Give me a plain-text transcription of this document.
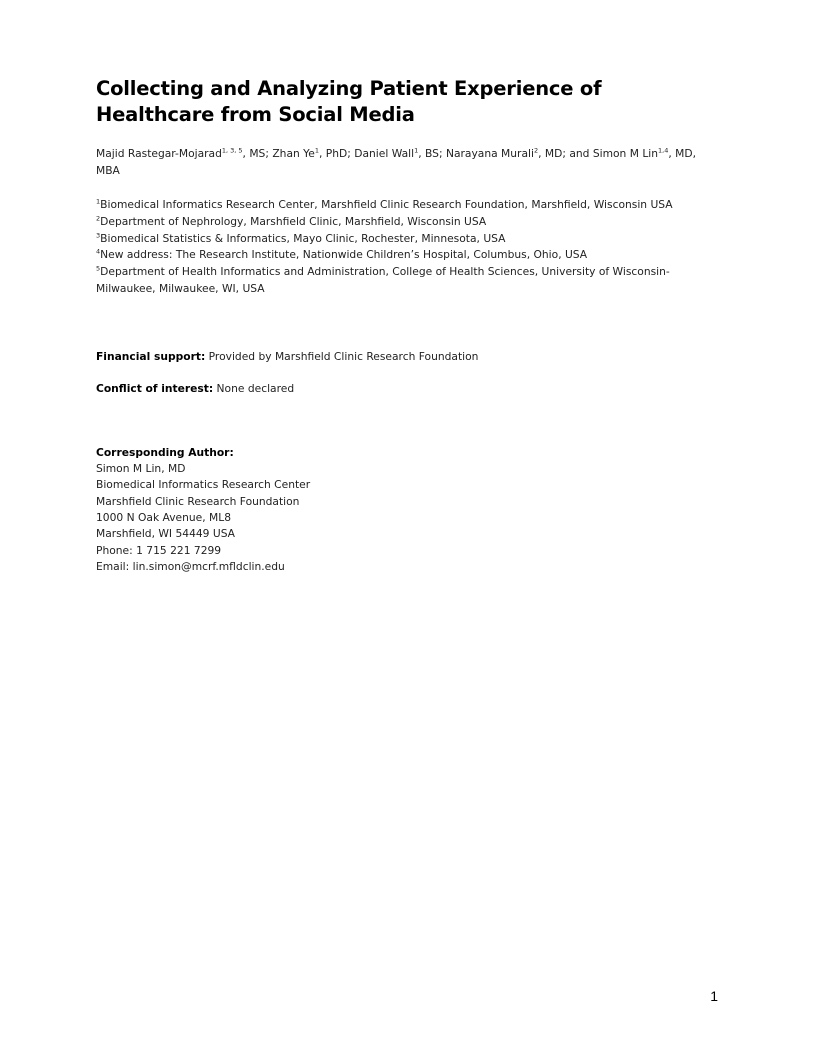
Collecting and Analyzing Patient Experience of Healthcare from Social Media

Majid Rastegar-Mojarad$^{1, 3, 5}$, MS; Zhan Ye$^1$, PhD; Daniel Wall$^1$, BS; Narayana Murali$^2$, MD; and Simon M Lin$^{1,4}$, MD, MBA

$^1$Biomedical Informatics Research Center, Marshfield Clinic Research Foundation, Marshfield, Wisconsin USA

$^2$Department of Nephrology, Marshfield Clinic, Marshfield, Wisconsin USA

$^3$Biomedical Statistics & Informatics, Mayo Clinic, Rochester, Minnesota, USA

$^4$New address: The Research Institute, Nationwide Children’s Hospital, Columbus, Ohio, USA

$^5$Department of Health Informatics and Administration, College of Health Sciences, University of Wisconsin-Milwaukee, Milwaukee, WI, USA

Financial support: Provided by Marshfield Clinic Research Foundation

Conflict of interest: None declared

Corresponding Author:
Simon M Lin, MD
Biomedical Informatics Research Center
Marshfield Clinic Research Foundation
1000 N Oak Avenue, ML8
Marshfield, WI 54449 USA
Phone: 1 715 221 7299
Email: lin.simon@mcrf.mfldclin.edu
1
